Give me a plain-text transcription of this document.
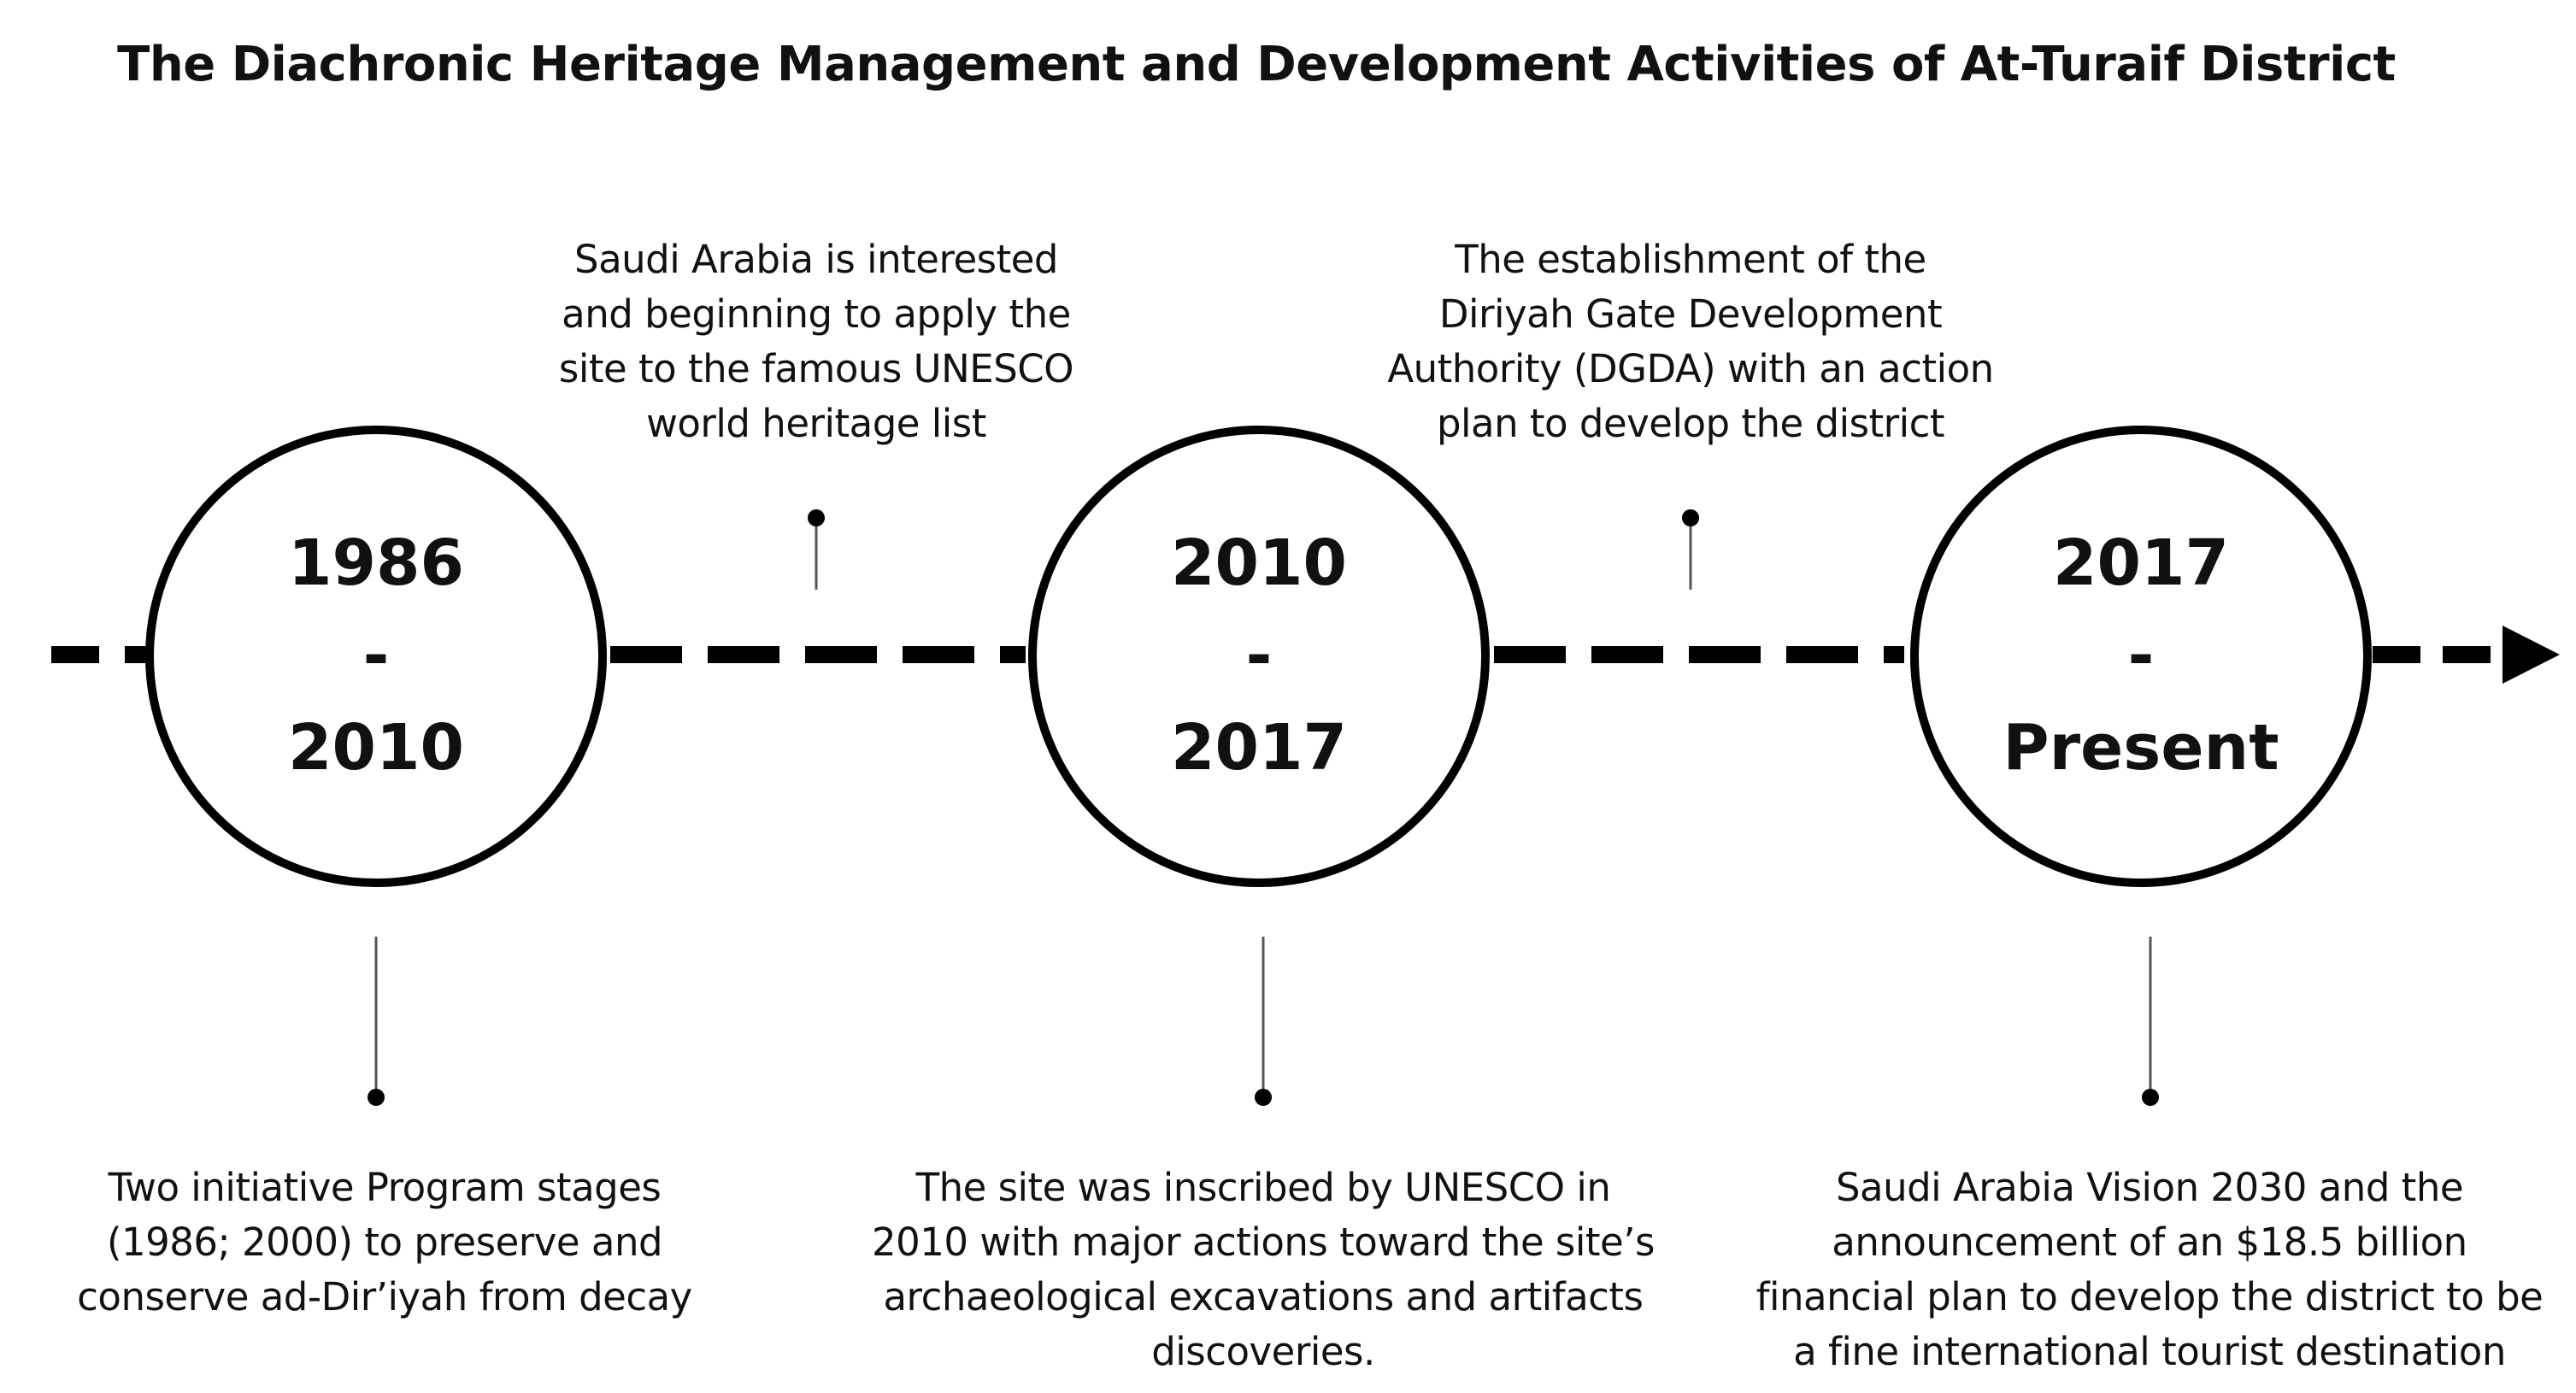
The Diachronic Heritage Management and Development Activities of At-Turaif District
1986
-
2010
2010
-
2017
2017
-
Present
Saudi Arabia is interested and beginning to apply the site to the famous UNESCO world heritage list
The establishment of the Diriyah Gate Development Authority (DGDA) with an action plan to develop the district
Two initiative Program stages (1986; 2000) to preserve and conserve ad-Dir’iyah from decay
The site was inscribed by UNESCO in 2010 with major actions toward the site’s archaeological excavations and artifacts discoveries.
Saudi Arabia Vision 2030 and the announcement of an $18.5 billion financial plan to develop the district to be a fine international tourist destination
